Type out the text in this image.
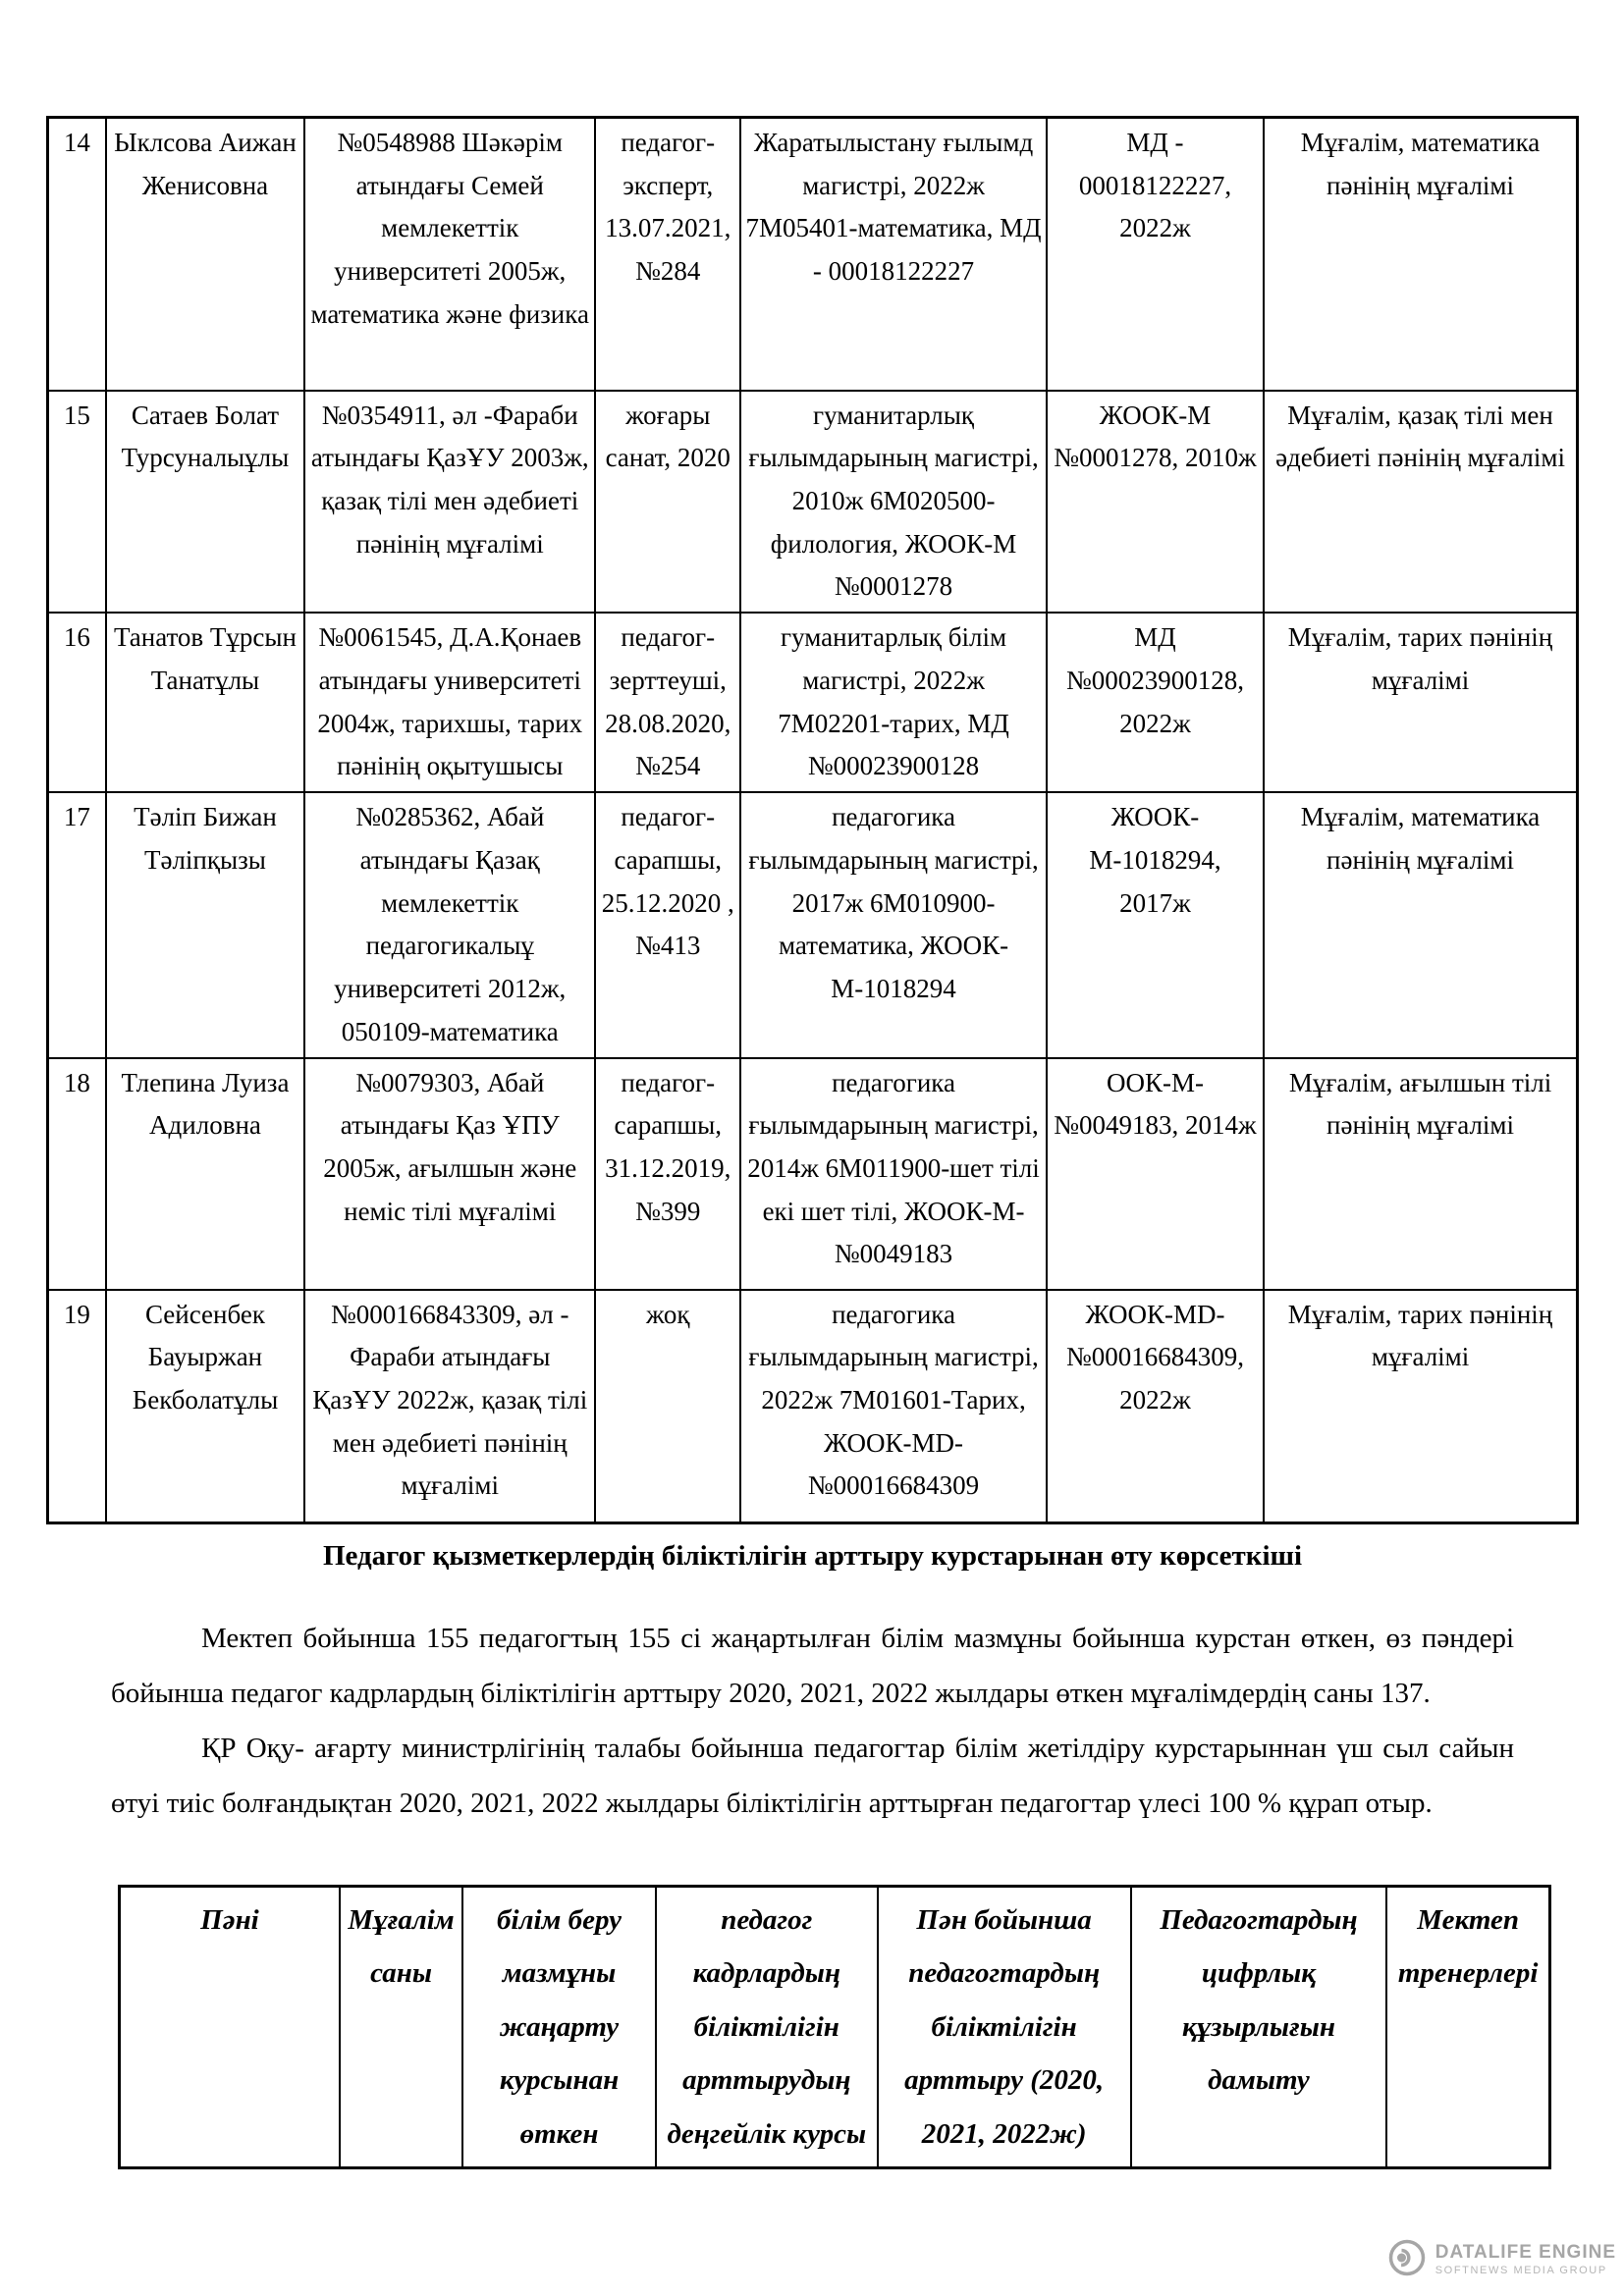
14	Ыклсова Аижан Женисовна	№0548988 Шәкәрім атындағы Семей мемлекеттік университеті 2005ж, математика және физика	педагог-эксперт, 13.07.2021, №284	Жаратылыстану ғылымд магистрі, 2022ж 7М05401-математика, МД - 00018122227	МД - 00018122227, 2022ж	Мұғалім, математика пәнінің мұғалімі
15	Сатаев Болат Турсуналыұлы	№0354911, әл -Фараби атындағы ҚазҰУ 2003ж, қазақ тілі мен әдебиеті пәнінің мұғалімі	жоғары санат, 2020	гуманитарлық ғылымдарының магистрі, 2010ж 6М020500-филология, ЖООК-М №0001278	ЖООК-М №0001278, 2010ж	Мұғалім, қазақ тілі мен әдебиеті пәнінің мұғалімі
16	Танатов Тұрсын Танатұлы	№0061545, Д.А.Қонаев атындағы университеті 2004ж, тарихшы, тарих пәнінің оқытушысы	педагог-зерттеуші, 28.08.2020, №254	гуманитарлық білім магистрі, 2022ж 7М02201-тарих, МД №00023900128	МД №00023900128, 2022ж	Мұғалім, тарих пәнінің мұғалімі
17	Тәліп Бижан Тәліпқызы	№0285362, Абай атындағы Қазақ мемлекеттік педагогикалыұ университеті 2012ж, 050109-математика	педагог-сарапшы, 25.12.2020 ,№413	педагогика ғылымдарының магистрі, 2017ж 6М010900-математика, ЖООК-М-1018294	ЖООК-М-1018294, 2017ж	Мұғалім, математика пәнінің мұғалімі
18	Тлепина Луиза Адиловна	№0079303, Абай атындағы Қаз ҰПУ 2005ж, ағылшын және неміс тілі мұғалімі	педагог-сарапшы, 31.12.2019, №399	педагогика ғылымдарының магистрі, 2014ж 6М011900-шет тілі екі шет тілі, ЖООК-М-№0049183	ООК-М-№0049183, 2014ж	Мұғалім, ағылшын тілі пәнінің мұғалімі
19	Сейсенбек Бауыржан Бекболатұлы	№000166843309, әл - Фараби атындағы ҚазҰУ 2022ж, қазақ тілі мен әдебиеті пәнінің мұғалімі	жоқ	педагогика ғылымдарының магистрі, 2022ж 7М01601-Тарих, ЖООК-MD-№00016684309	ЖООК-MD-№00016684309, 2022ж	Мұғалім, тарих пәнінің мұғалімі
Педагог қызметкерлердің біліктілігін арттыру курстарынан өту көрсеткіші

Мектеп бойынша 155 педагогтың 155 сі жаңартылған білім мазмұны бойынша курстан өткен, өз пәндері бойынша педагог кадрлардың біліктілігін арттыру 2020, 2021, 2022 жылдары өткен мұғалімдердің саны 137.

ҚР Оқу- ағарту министрлігінің талабы бойынша педагогтар білім жетілдіру курстарыннан үш сыл сайын өтуі тиіс болғандықтан 2020, 2021, 2022 жылдары біліктілігін арттырған педагогтар үлесі 100 % құрап отыр.

Пәні	Мұғалім саны	білім беру мазмұны жаңарту курсынан өткен	педагог кадрлардың біліктілігін арттырудың деңгейлік курсы	Пән бойынша педагогтардың біліктілігін арттыру (2020, 2021, 2022ж)	Педагогтардың цифрлық құзырлығын дамыту	Мектеп тренерлері
DATALIFE ENGINE
SOFTNEWS MEDIA GROUP
